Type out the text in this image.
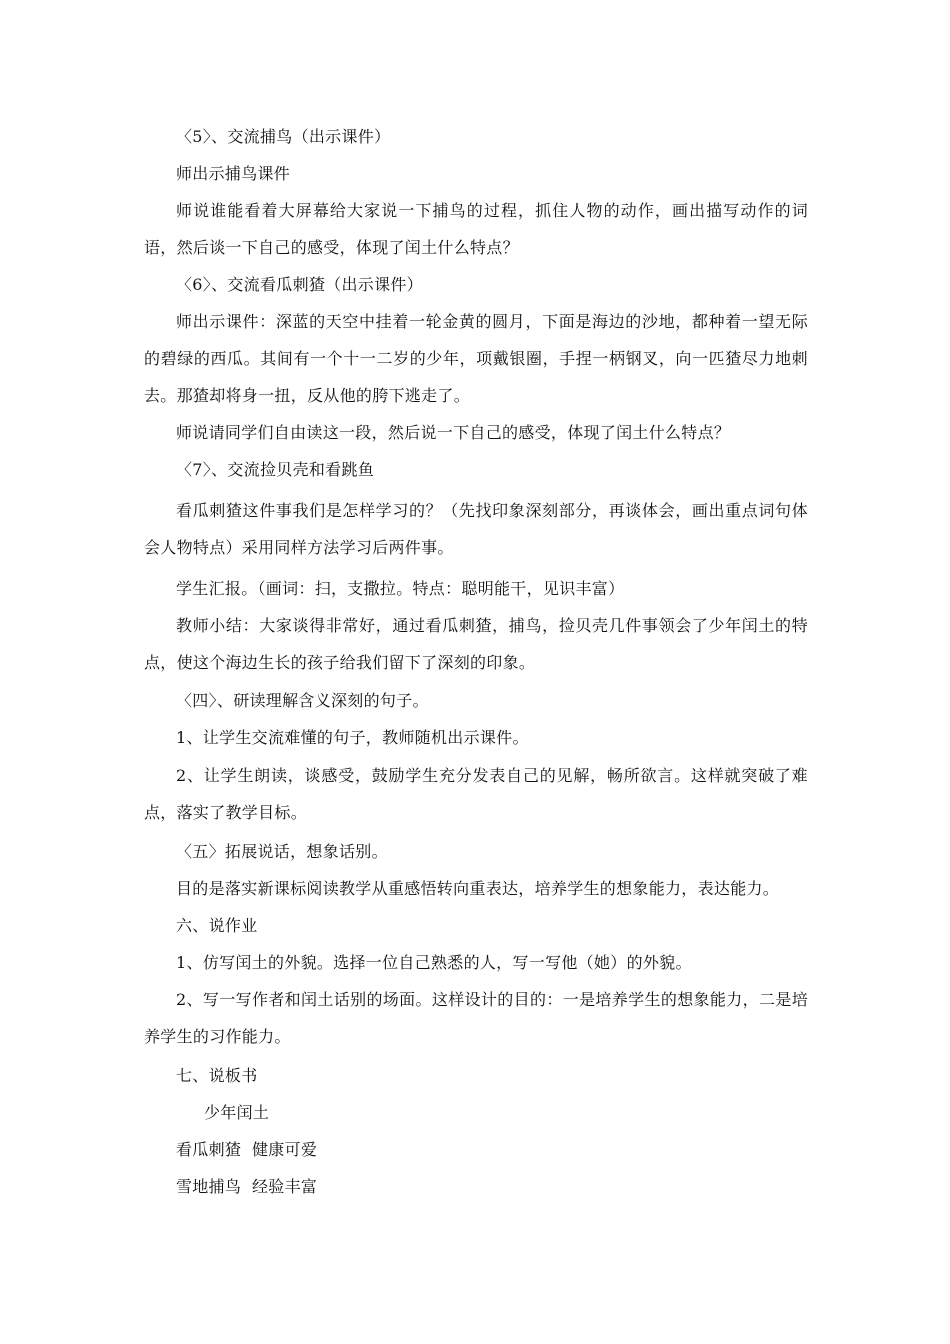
〈5〉、交流捕鸟（出示课件）

师出示捕鸟课件

师说谁能看着大屏幕给大家说一下捕鸟的过程，抓住人物的动作，画出描写动作的词语，然后谈一下自己的感受，体现了闰土什么特点？

〈6〉、交流看瓜刺猹（出示课件）

师出示课件：深蓝的天空中挂着一轮金黄的圆月，下面是海边的沙地，都种着一望无际的碧绿的西瓜。其间有一个十一二岁的少年，项戴银圈，手捏一柄钢叉，向一匹猹尽力地刺去。那猹却将身一扭，反从他的胯下逃走了。

师说请同学们自由读这一段，然后说一下自己的感受，体现了闰土什么特点？

〈7〉、交流捡贝壳和看跳鱼

看瓜刺猹这件事我们是怎样学习的？（先找印象深刻部分，再谈体会，画出重点词句体会人物特点）采用同样方法学习后两件事。

学生汇报。（画词：扫，支撒拉。特点：聪明能干，见识丰富）

教师小结：大家谈得非常好，通过看瓜刺猹，捕鸟，捡贝壳几件事领会了少年闰土的特点，使这个海边生长的孩子给我们留下了深刻的印象。

〈四〉、研读理解含义深刻的句子。

1、让学生交流难懂的句子，教师随机出示课件。

2、让学生朗读，谈感受，鼓励学生充分发表自己的见解，畅所欲言。这样就突破了难点，落实了教学目标。

〈五〉拓展说话，想象话别。

目的是落实新课标阅读教学从重感悟转向重表达，培养学生的想象能力，表达能力。

六、说作业

1、仿写闰土的外貌。选择一位自己熟悉的人，写一写他（她）的外貌。

2、写一写作者和闰土话别的场面。这样设计的目的：一是培养学生的想象能力，二是培养学生的习作能力。

七、说板书

少年闰土

看瓜刺猹  健康可爱

雪地捕鸟  经验丰富
